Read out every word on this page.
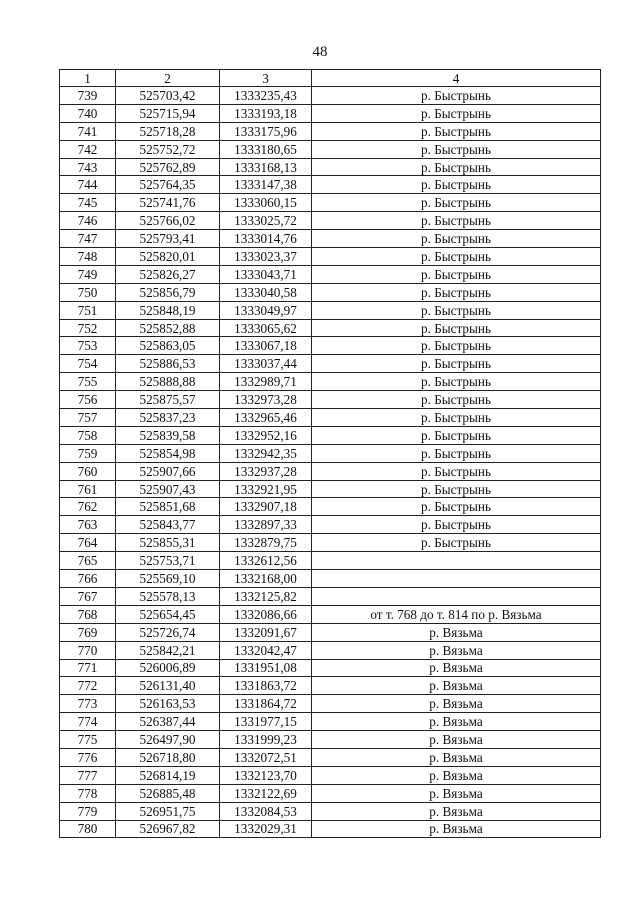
48
1	2	3	4
739	525703,42	1333235,43	р. Быстрынь
740	525715,94	1333193,18	р. Быстрынь
741	525718,28	1333175,96	р. Быстрынь
742	525752,72	1333180,65	р. Быстрынь
743	525762,89	1333168,13	р. Быстрынь
744	525764,35	1333147,38	р. Быстрынь
745	525741,76	1333060,15	р. Быстрынь
746	525766,02	1333025,72	р. Быстрынь
747	525793,41	1333014,76	р. Быстрынь
748	525820,01	1333023,37	р. Быстрынь
749	525826,27	1333043,71	р. Быстрынь
750	525856,79	1333040,58	р. Быстрынь
751	525848,19	1333049,97	р. Быстрынь
752	525852,88	1333065,62	р. Быстрынь
753	525863,05	1333067,18	р. Быстрынь
754	525886,53	1333037,44	р. Быстрынь
755	525888,88	1332989,71	р. Быстрынь
756	525875,57	1332973,28	р. Быстрынь
757	525837,23	1332965,46	р. Быстрынь
758	525839,58	1332952,16	р. Быстрынь
759	525854,98	1332942,35	р. Быстрынь
760	525907,66	1332937,28	р. Быстрынь
761	525907,43	1332921,95	р. Быстрынь
762	525851,68	1332907,18	р. Быстрынь
763	525843,77	1332897,33	р. Быстрынь
764	525855,31	1332879,75	р. Быстрынь
765	525753,71	1332612,56	
766	525569,10	1332168,00	
767	525578,13	1332125,82	
768	525654,45	1332086,66	от т. 768 до т. 814 по р. Вязьма
769	525726,74	1332091,67	р. Вязьма
770	525842,21	1332042,47	р. Вязьма
771	526006,89	1331951,08	р. Вязьма
772	526131,40	1331863,72	р. Вязьма
773	526163,53	1331864,72	р. Вязьма
774	526387,44	1331977,15	р. Вязьма
775	526497,90	1331999,23	р. Вязьма
776	526718,80	1332072,51	р. Вязьма
777	526814,19	1332123,70	р. Вязьма
778	526885,48	1332122,69	р. Вязьма
779	526951,75	1332084,53	р. Вязьма
780	526967,82	1332029,31	р. Вязьма
